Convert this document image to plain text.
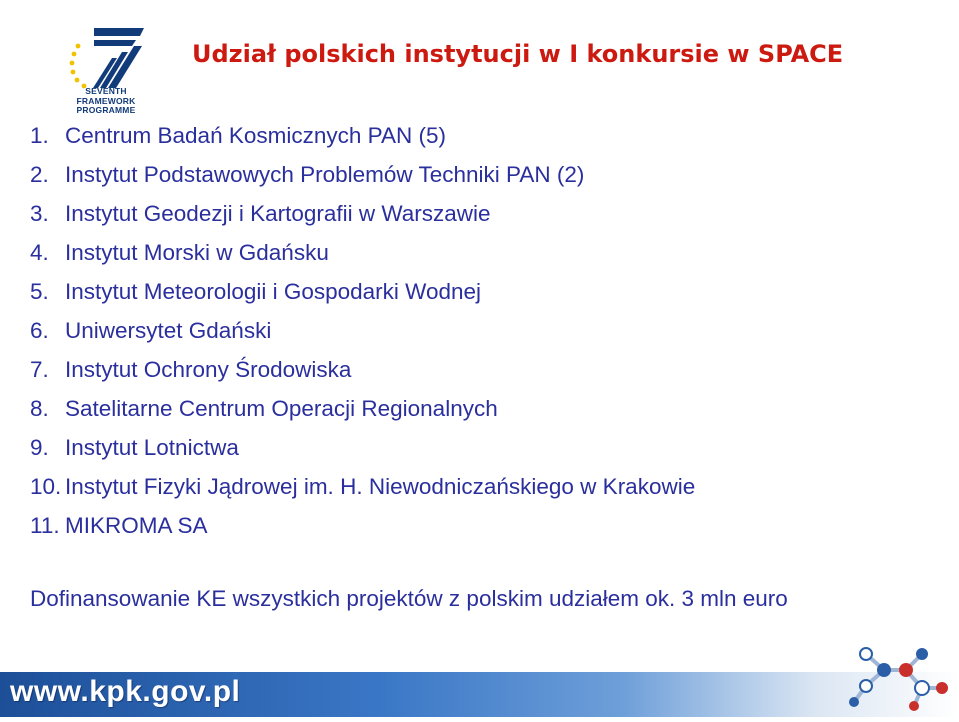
SEVENTH FRAMEWORK
PROGRAMME
Udział polskich instytucji w I konkursie w SPACE
1. Centrum Badań Kosmicznych PAN (5)
2. Instytut Podstawowych Problemów Techniki PAN (2)
3. Instytut Geodezji i Kartografii w Warszawie
4. Instytut Morski w Gdańsku
5. Instytut Meteorologii i Gospodarki Wodnej
6. Uniwersytet Gdański
7. Instytut Ochrony Środowiska
8. Satelitarne Centrum Operacji Regionalnych
9. Instytut Lotnictwa
10. Instytut Fizyki Jądrowej im. H. Niewodniczańskiego w Krakowie
11. MIKROMA SA
Dofinansowanie KE wszystkich projektów z polskim udziałem ok. 3 mln euro
www.kpk.gov.pl
